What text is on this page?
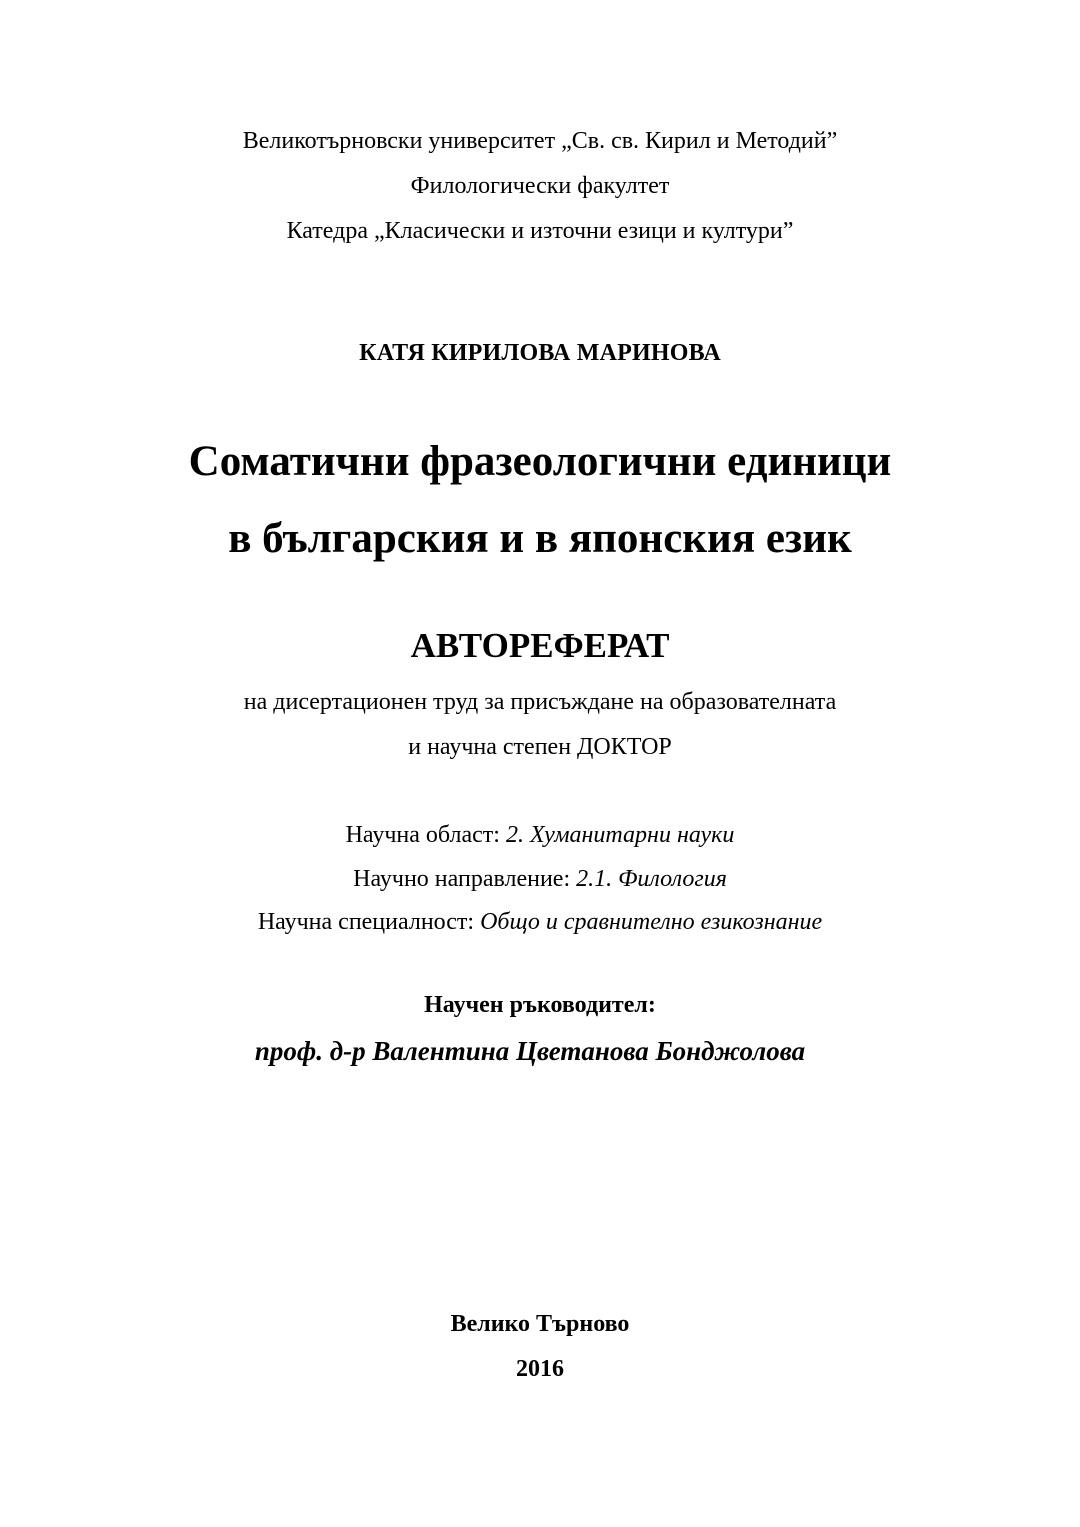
Великотърновски университет „Св. св. Кирил и Методий”
Филологически факултет
Катедра „Класически и източни езици и култури”
КАТЯ КИРИЛОВА МАРИНОВА
Соматични фразеологични единици
в българския и в японския език
АВТОРЕФЕРАТ
на дисертационен труд за присъждане на образователната
и научна степен ДОКТОР
Научна област: 2. Хуманитарни науки
Научно направление: 2.1. Филология
Научна специалност: Общо и сравнително езикознание
Научен ръководител:
проф. д-р Валентина Цветанова Бонджолова
Велико Търново
2016
